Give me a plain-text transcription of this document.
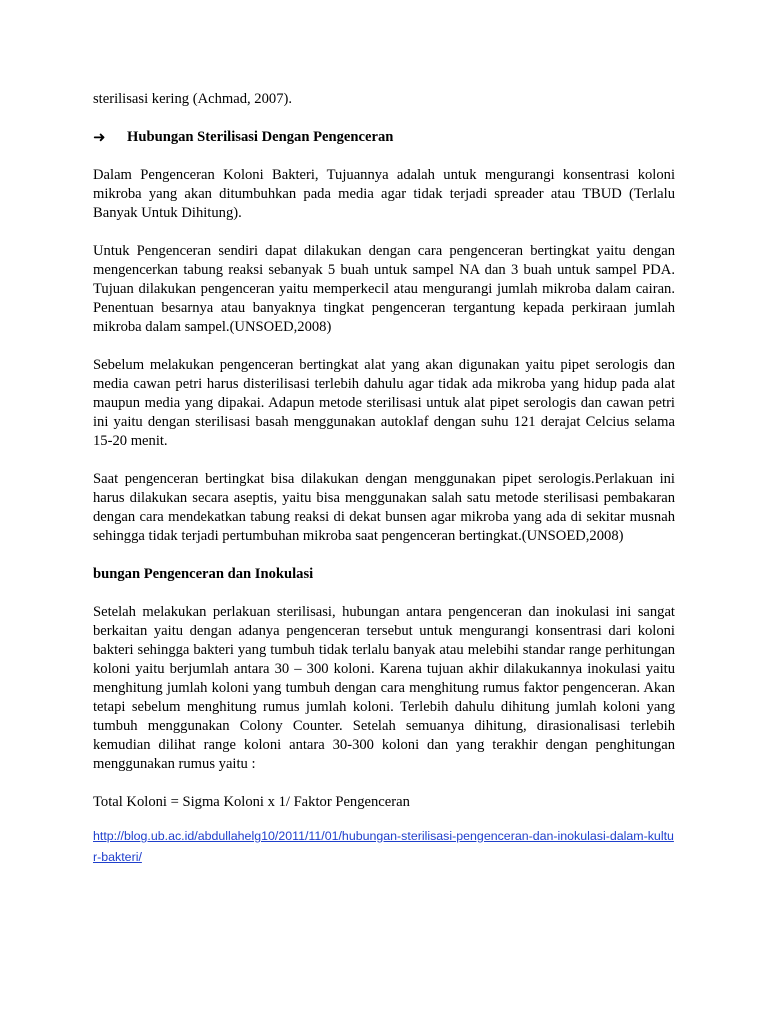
sterilisasi kering (Achmad, 2007).

➜	Hubungan Sterilisasi Dengan Pengenceran

Dalam Pengenceran Koloni Bakteri, Tujuannya adalah untuk mengurangi konsentrasi koloni mikroba yang akan ditumbuhkan pada media agar tidak terjadi spreader atau TBUD (Terlalu Banyak Untuk Dihitung).

Untuk Pengenceran sendiri dapat dilakukan dengan cara pengenceran bertingkat yaitu dengan mengencerkan tabung reaksi sebanyak 5 buah untuk sampel NA dan 3 buah untuk sampel PDA. Tujuan dilakukan pengenceran yaitu memperkecil atau mengurangi jumlah mikroba dalam cairan. Penentuan besarnya atau banyaknya tingkat pengenceran tergantung kepada perkiraan jumlah mikroba dalam sampel.(UNSOED,2008)

Sebelum melakukan pengenceran bertingkat alat yang akan digunakan yaitu pipet serologis dan media cawan petri harus disterilisasi terlebih dahulu agar tidak ada mikroba yang hidup pada alat maupun media yang dipakai. Adapun metode sterilisasi untuk alat pipet serologis dan cawan petri ini yaitu dengan sterilisasi basah menggunakan autoklaf dengan suhu 121 derajat Celcius selama 15-20 menit.

Saat pengenceran bertingkat bisa dilakukan dengan menggunakan pipet serologis.Perlakuan ini harus dilakukan secara aseptis, yaitu bisa menggunakan salah satu metode sterilisasi pembakaran dengan cara mendekatkan tabung reaksi di dekat bunsen agar mikroba yang ada di sekitar musnah sehingga tidak terjadi pertumbuhan mikroba saat pengenceran bertingkat.(UNSOED,2008)

bungan Pengenceran dan Inokulasi

Setelah melakukan perlakuan sterilisasi, hubungan antara pengenceran dan inokulasi ini sangat berkaitan yaitu dengan adanya pengenceran tersebut untuk mengurangi konsentrasi dari koloni bakteri sehingga bakteri yang tumbuh tidak terlalu banyak atau melebihi standar range perhitungan koloni yaitu berjumlah antara 30 – 300 koloni. Karena tujuan akhir dilakukannya inokulasi yaitu menghitung jumlah koloni yang tumbuh dengan cara menghitung rumus faktor pengenceran. Akan tetapi sebelum menghitung rumus jumlah koloni. Terlebih dahulu dihitung jumlah koloni yang tumbuh menggunakan Colony Counter. Setelah semuanya dihitung, dirasionalisasi terlebih kemudian dilihat range koloni antara 30-300 koloni dan yang terakhir dengan penghitungan menggunakan rumus yaitu :

Total Koloni = Sigma Koloni x 1/ Faktor Pengenceran

http://blog.ub.ac.id/abdullahelg10/2011/11/01/hubungan-sterilisasi-pengenceran-dan-inokulasi-dalam-kultur-bakteri/
